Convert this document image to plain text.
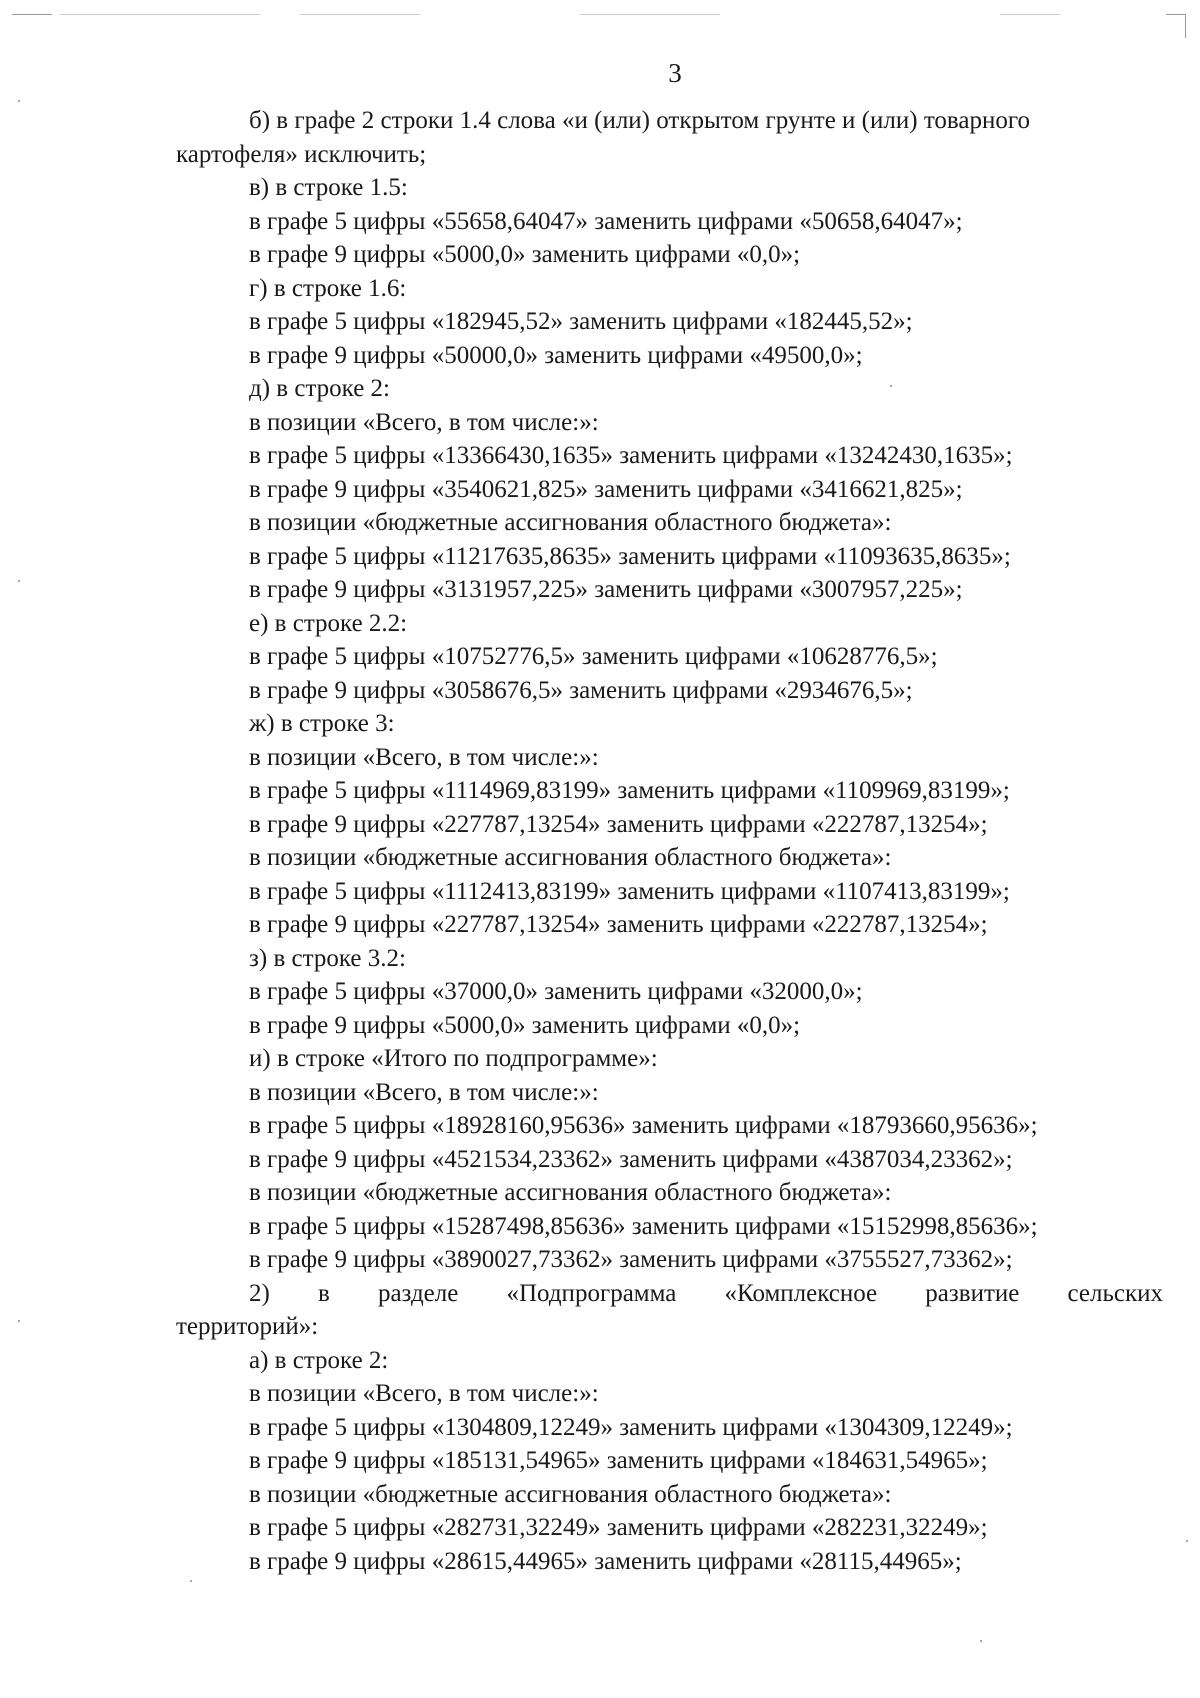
3
б) в графе 2 строки 1.4 слова «и (или) открытом грунте и (или) товарного
картофеля» исключить;
в) в строке 1.5:
в графе 5 цифры «55658,64047» заменить цифрами «50658,64047»;
в графе 9 цифры «5000,0» заменить цифрами «0,0»;
г) в строке 1.6:
в графе 5 цифры «182945,52» заменить цифрами «182445,52»;
в графе 9 цифры «50000,0» заменить цифрами «49500,0»;
д) в строке 2:
в позиции «Всего, в том числе:»:
в графе 5 цифры «13366430,1635» заменить цифрами «13242430,1635»;
в графе 9 цифры «3540621,825» заменить цифрами «3416621,825»;
в позиции «бюджетные ассигнования областного бюджета»:
в графе 5 цифры «11217635,8635» заменить цифрами «11093635,8635»;
в графе 9 цифры «3131957,225» заменить цифрами «3007957,225»;
е) в строке 2.2:
в графе 5 цифры «10752776,5» заменить цифрами «10628776,5»;
в графе 9 цифры «3058676,5» заменить цифрами «2934676,5»;
ж) в строке 3:
в позиции «Всего, в том числе:»:
в графе 5 цифры «1114969,83199» заменить цифрами «1109969,83199»;
в графе 9 цифры «227787,13254» заменить цифрами «222787,13254»;
в позиции «бюджетные ассигнования областного бюджета»:
в графе 5 цифры «1112413,83199» заменить цифрами «1107413,83199»;
в графе 9 цифры «227787,13254» заменить цифрами «222787,13254»;
з) в строке 3.2:
в графе 5 цифры «37000,0» заменить цифрами «32000,0»;
в графе 9 цифры «5000,0» заменить цифрами «0,0»;
и) в строке «Итого по подпрограмме»:
в позиции «Всего, в том числе:»:
в графе 5 цифры «18928160,95636» заменить цифрами «18793660,95636»;
в графе 9 цифры «4521534,23362» заменить цифрами «4387034,23362»;
в позиции «бюджетные ассигнования областного бюджета»:
в графе 5 цифры «15287498,85636» заменить цифрами «15152998,85636»;
в графе 9 цифры «3890027,73362» заменить цифрами «3755527,73362»;
2) в разделе «Подпрограмма «Комплексное развитие сельских
территорий»:
а) в строке 2:
в позиции «Всего, в том числе:»:
в графе 5 цифры «1304809,12249» заменить цифрами «1304309,12249»;
в графе 9 цифры «185131,54965» заменить цифрами «184631,54965»;
в позиции «бюджетные ассигнования областного бюджета»:
в графе 5 цифры «282731,32249» заменить цифрами «282231,32249»;
в графе 9 цифры «28615,44965» заменить цифрами «28115,44965»;
